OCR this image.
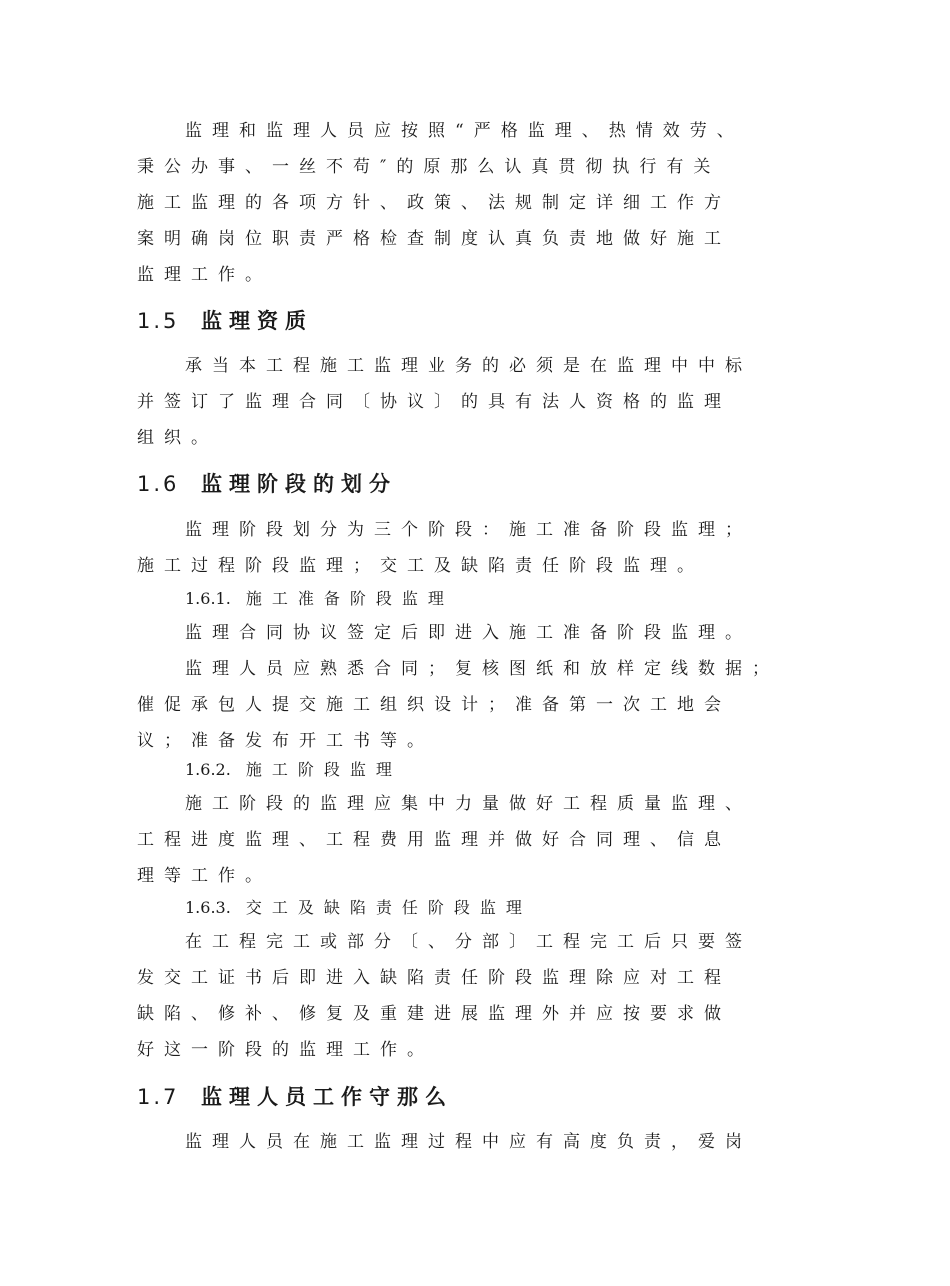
监理和监理人员应按照“严格监理、热情效劳、
秉公办事、一丝不苟″的原那么认真贯彻执行有关
施工监理的各项方针、政策、法规制定详细工作方
案明确岗位职责严格检查制度认真负责地做好施工
监理工作。
1.5 监理资质
承当本工程施工监理业务的必须是在监理中中标
并签订了监理合同〔协议〕的具有法人资格的监理
组织。
1.6 监理阶段的划分
监理阶段划分为三个阶段：施工准备阶段监理；
施工过程阶段监理；交工及缺陷责任阶段监理。
1.6.1. 施工准备阶段监理
监理合同协议签定后即进入施工准备阶段监理。
监理人员应熟悉合同；复核图纸和放样定线数据；
催促承包人提交施工组织设计；准备第一次工地会
议；准备发布开工书等。
1.6.2. 施工阶段监理
施工阶段的监理应集中力量做好工程质量监理、
工程进度监理、工程费用监理并做好合同理、信息
理等工作。
1.6.3. 交工及缺陷责任阶段监理
在工程完工或部分〔、分部〕工程完工后只要签
发交工证书后即进入缺陷责任阶段监理除应对工程
缺陷、修补、修复及重建进展监理外并应按要求做
好这一阶段的监理工作。
1.7 监理人员工作守那么
监理人员在施工监理过程中应有高度负责，爱岗
